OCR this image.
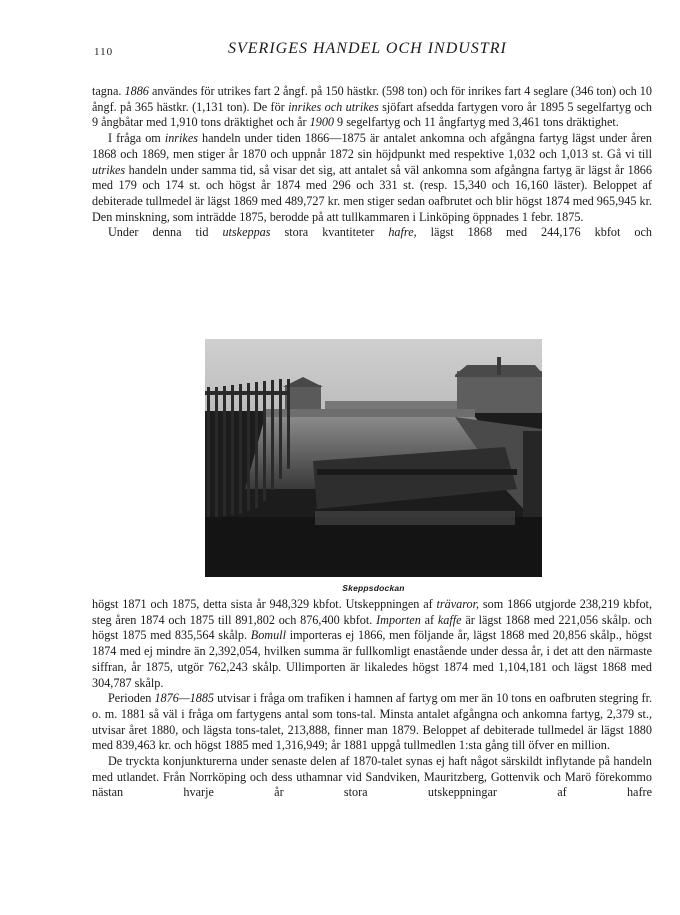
110	SVERIGES HANDEL OCH INDUSTRI

tagna. 1886 användes för utrikes fart 2 ångf. på 150 hästkr. (598 ton) och för inrikes fart 4 seglare (346 ton) och 10 ångf. på 365 hästkr. (1,131 ton). De för inrikes och utrikes sjöfart afsedda fartygen voro år 1895 5 segelfartyg och 9 ångbåtar med 1,910 tons dräktighet och år 1900 9 segelfartyg och 11 ångfartyg med 3,461 tons dräktighet.

I fråga om inrikes handeln under tiden 1866—1875 är antalet ankomna och afgångna fartyg lägst under åren 1868 och 1869, men stiger år 1870 och uppnår 1872 sin höjdpunkt med respektive 1,032 och 1,013 st. Gå vi till utrikes handeln under samma tid, så visar det sig, att antalet så väl ankomna som afgångna fartyg är lägst år 1866 med 179 och 174 st. och högst år 1874 med 296 och 331 st. (resp. 15,340 och 16,160 läster). Beloppet af debiterade tullmedel är lägst 1869 med 489,727 kr. men stiger sedan oafbrutet och blir högst 1874 med 965,945 kr. Den minskning, som inträdde 1875, berodde på att tullkammaren i Linköping öppnades 1 febr. 1875.

Under denna tid utskeppas stora kvantiteter hafre, lägst 1868 med 244,176 kbfot och

Skeppsdockan

högst 1871 och 1875, detta sista år 948,329 kbfot. Utskeppningen af trävaror, som 1866 utgjorde 238,219 kbfot, steg åren 1874 och 1875 till 891,802 och 876,400 kbfot. Importen af kaffe är lägst 1868 med 221,056 skålp. och högst 1875 med 835,564 skålp. Bomull importeras ej 1866, men följande år, lägst 1868 med 20,856 skålp., högst 1874 med ej mindre än 2,392,054, hvilken summa är fullkomligt enastående under dessa år, i det att den närmaste siffran, år 1875, utgör 762,243 skålp. Ullimporten är likaledes högst 1874 med 1,104,181 och lägst 1868 med 304,787 skålp.

Perioden 1876—1885 utvisar i fråga om trafiken i hamnen af fartyg om mer än 10 tons en oafbruten stegring fr. o. m. 1881 så väl i fråga om fartygens antal som tons-tal. Minsta antalet afgångna och ankomna fartyg, 2,379 st., utvisar året 1880, och lägsta tons-talet, 213,888, finner man 1879. Beloppet af debiterade tullmedel är lägst 1880 med 839,463 kr. och högst 1885 med 1,316,949; år 1881 uppgå tullmedlen 1:sta gång till öfver en million.

De tryckta konjunkturerna under senaste delen af 1870-talet synas ej haft något särskildt inflytande på handeln med utlandet. Från Norrköping och dess uthamnar vid Sandviken, Mauritzberg, Gottenvik och Marö förekommo nästan hvarje år stora utskeppningar af hafre
